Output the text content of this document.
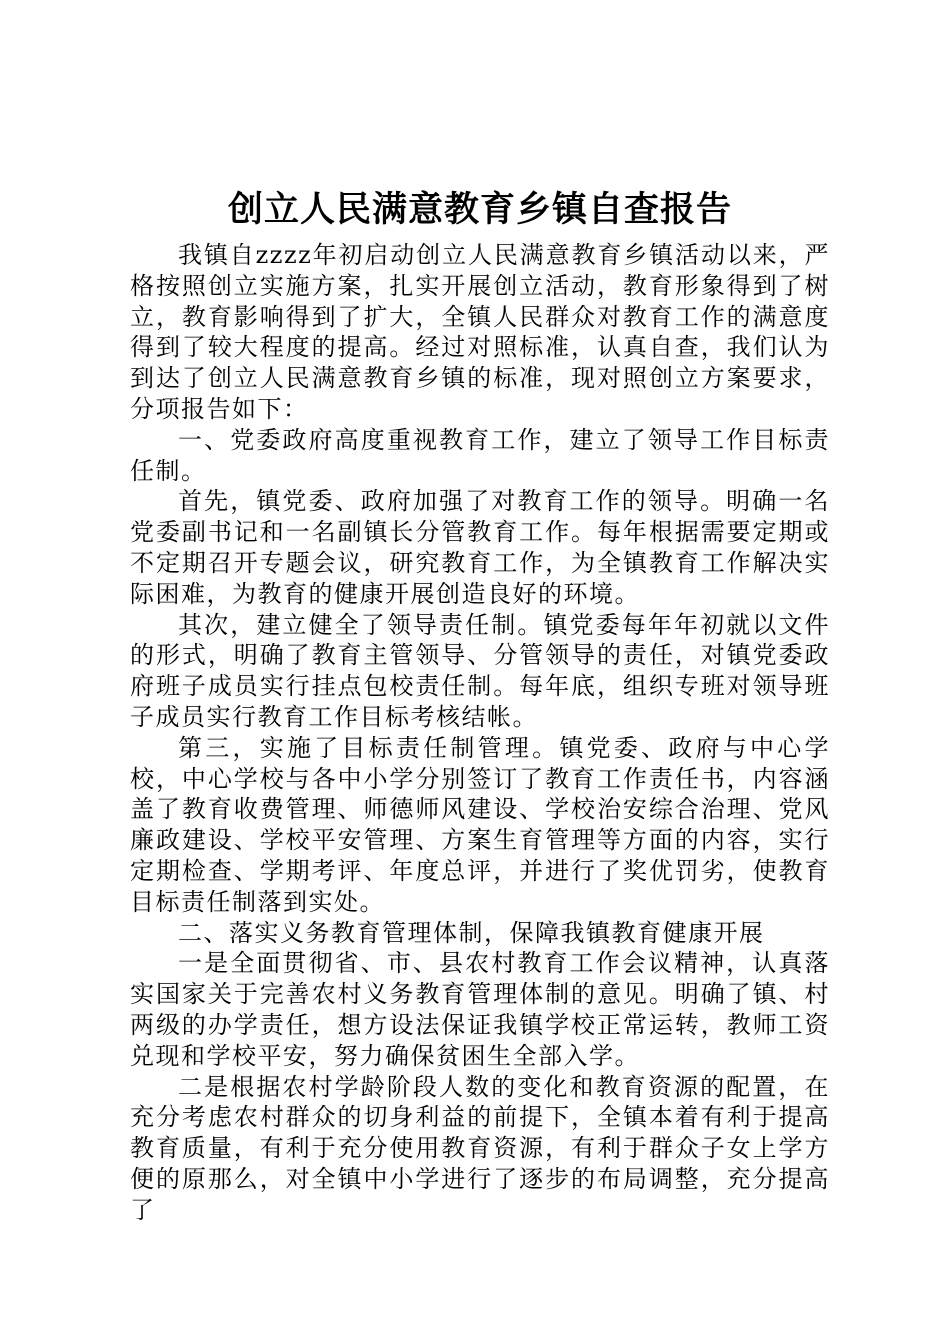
创立人民满意教育乡镇自查报告

我镇自zzzz年初启动创立人民满意教育乡镇活动以来，严格按照创立实施方案，扎实开展创立活动，教育形象得到了树立，教育影响得到了扩大，全镇人民群众对教育工作的满意度得到了较大程度的提高。经过对照标准，认真自查，我们认为到达了创立人民满意教育乡镇的标准，现对照创立方案要求，分项报告如下：

一、党委政府高度重视教育工作，建立了领导工作目标责任制。

首先，镇党委、政府加强了对教育工作的领导。明确一名党委副书记和一名副镇长分管教育工作。每年根据需要定期或不定期召开专题会议，研究教育工作，为全镇教育工作解决实际困难，为教育的健康开展创造良好的环境。

其次，建立健全了领导责任制。镇党委每年年初就以文件的形式，明确了教育主管领导、分管领导的责任，对镇党委政府班子成员实行挂点包校责任制。每年底，组织专班对领导班子成员实行教育工作目标考核结帐。

第三，实施了目标责任制管理。镇党委、政府与中心学校，中心学校与各中小学分别签订了教育工作责任书，内容涵盖了教育收费管理、师德师风建设、学校治安综合治理、党风廉政建设、学校平安管理、方案生育管理等方面的内容，实行定期检查、学期考评、年度总评，并进行了奖优罚劣，使教育目标责任制落到实处。

二、落实义务教育管理体制，保障我镇教育健康开展

一是全面贯彻省、市、县农村教育工作会议精神，认真落实国家关于完善农村义务教育管理体制的意见。明确了镇、村两级的办学责任，想方设法保证我镇学校正常运转，教师工资兑现和学校平安，努力确保贫困生全部入学。

二是根据农村学龄阶段人数的变化和教育资源的配置，在充分考虑农村群众的切身利益的前提下，全镇本着有利于提高教育质量，有利于充分使用教育资源，有利于群众子女上学方便的原那么，对全镇中小学进行了逐步的布局调整，充分提高了
